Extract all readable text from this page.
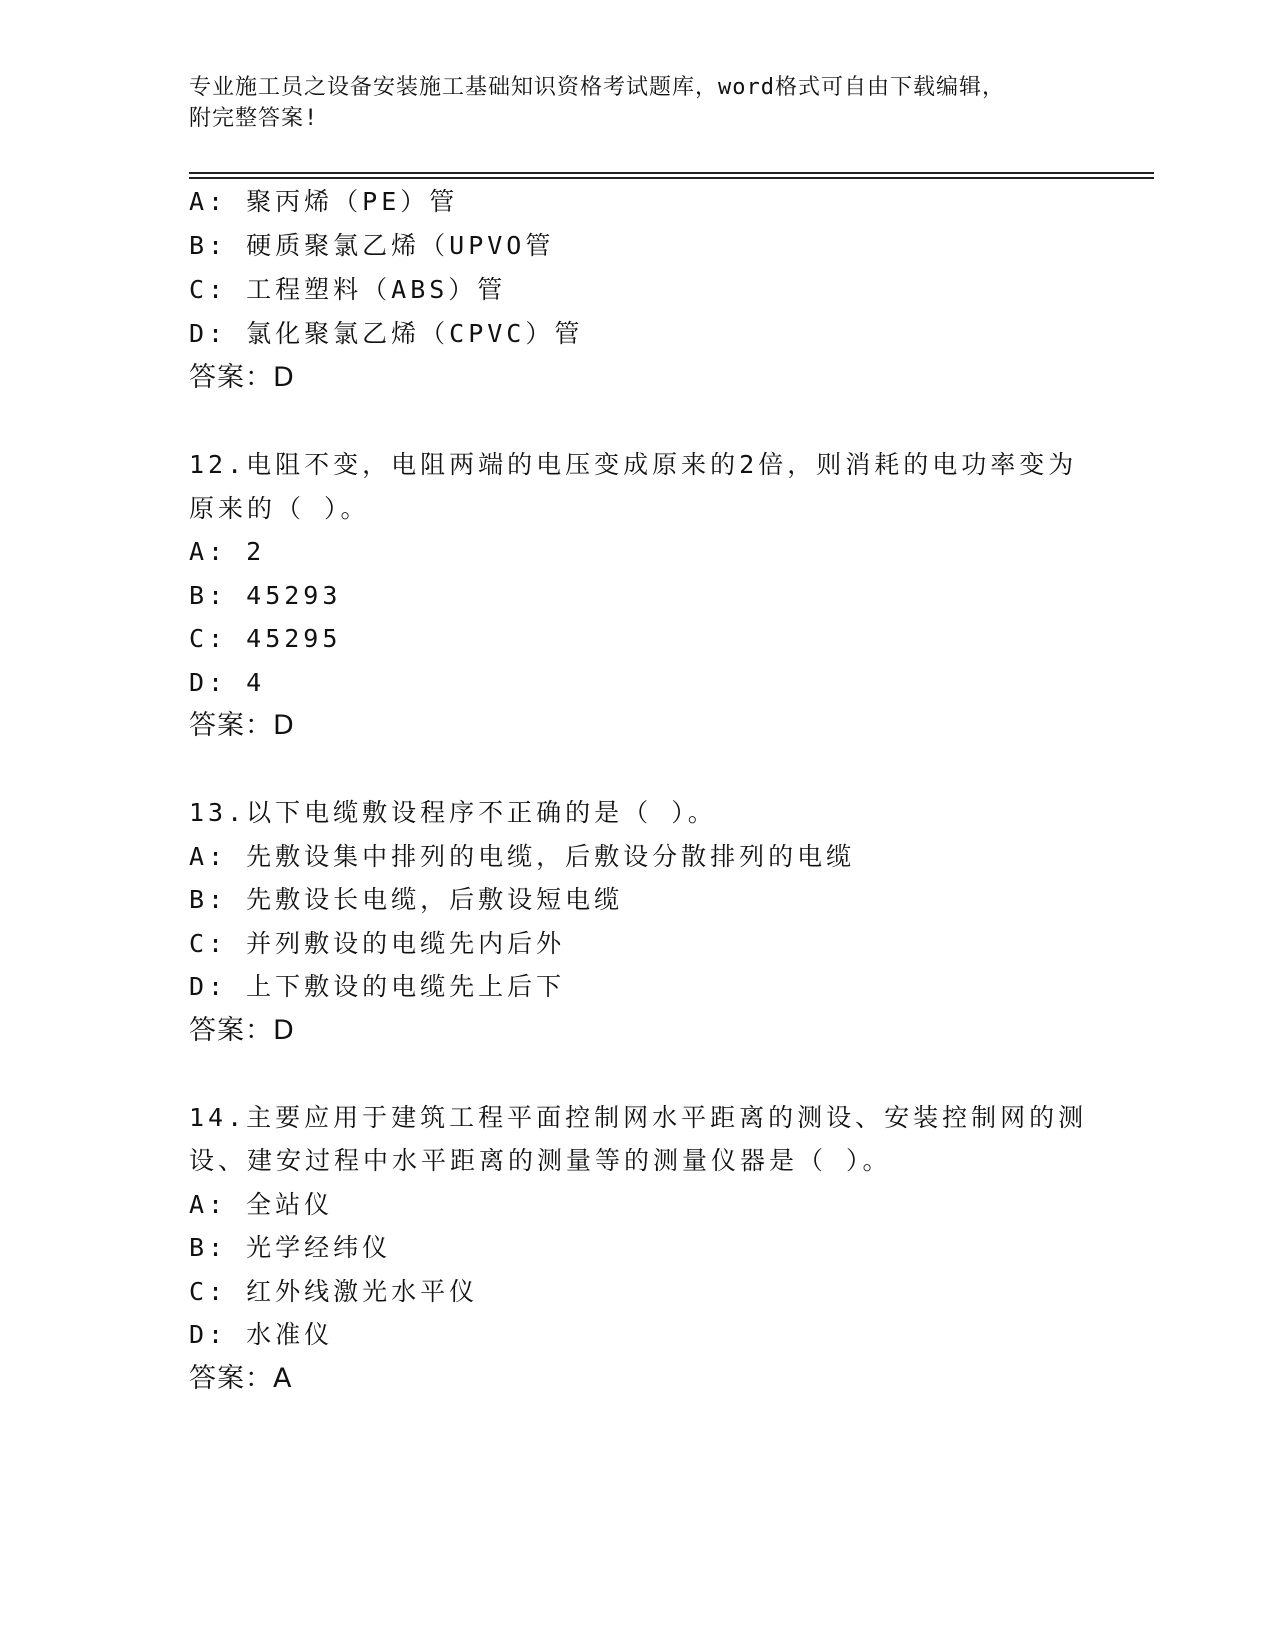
专业施工员之设备安装施工基础知识资格考试题库，word格式可自由下载编辑，
附完整答案!
A: 聚丙烯（PE）管
B: 硬质聚氯乙烯（UPVO管
C: 工程塑料（ABS）管
D: 氯化聚氯乙烯（CPVC）管
答案：D
12.电阻不变，电阻两端的电压变成原来的2倍，则消耗的电功率变为
原来的（ ）。
A: 2
B: 45293
C: 45295
D: 4
答案：D
13.以下电缆敷设程序不正确的是（ ）。
A: 先敷设集中排列的电缆，后敷设分散排列的电缆
B: 先敷设长电缆，后敷设短电缆
C: 并列敷设的电缆先内后外
D: 上下敷设的电缆先上后下
答案：D
14.主要应用于建筑工程平面控制网水平距离的测设、安装控制网的测
设、建安过程中水平距离的测量等的测量仪器是（ ）。
A: 全站仪
B: 光学经纬仪
C: 红外线激光水平仪
D: 水准仪
答案：A
